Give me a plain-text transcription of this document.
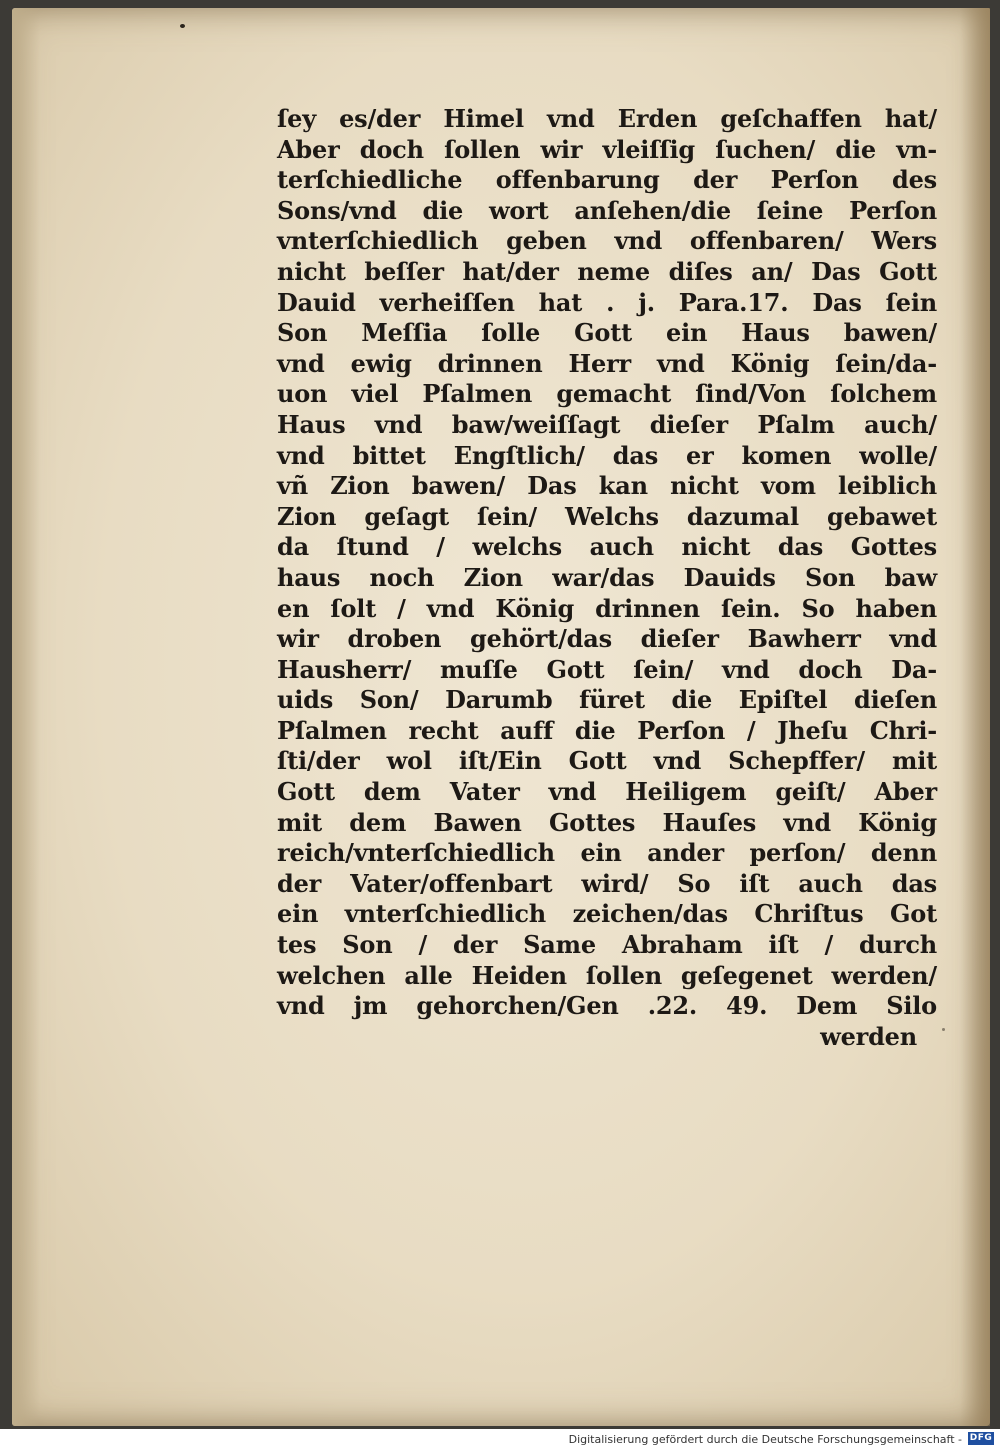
ſey es/der Himel vnd Erden geſchaffen hat/
Aber doch ſollen wir vleiſſig ſuchen/ die vn-
terſchiedliche offenbarung der Perſon des
Sons/vnd die wort anſehen/die ſeine Perſon
vnterſchiedlich geben vnd offenbaren/ Wers
nicht beſſer hat/der neme diſes an/ Das Gott
Dauid verheiſſen hat . j. Para.17. Das ſein
Son Meſſia ſolle Gott ein Haus bawen/
vnd ewig drinnen Herr vnd König ſein/da-
uon viel Pſalmen gemacht ſind/Von ſolchem
Haus vnd baw/weiſſagt dieſer Pſalm auch/
vnd bittet Engſtlich/ das er komen wolle/
vñ Zion bawen/ Das kan nicht vom leiblich
Zion geſagt ſein/ Welchs dazumal gebawet
da ſtund / welchs auch nicht das Gottes
haus noch Zion war/das Dauids Son baw
en ſolt / vnd König drinnen ſein. So haben
wir droben gehört/das dieſer Bawherr vnd
Hausherr/ muſſe Gott ſein/ vnd doch Da-
uids Son/ Darumb füret die Epiſtel dieſen
Pſalmen recht auff die Perſon / Jheſu Chri-
ſti/der wol iſt/Ein Gott vnd Schepffer/ mit
Gott dem Vater vnd Heiligem geiſt/ Aber
mit dem Bawen Gottes Hauſes vnd König
reich/vnterſchiedlich ein ander perſon/ denn
der Vater/offenbart wird/ So iſt auch das
ein vnterſchiedlich zeichen/das Chriſtus Got
tes Son / der Same Abraham iſt / durch
welchen alle Heiden ſollen geſegenet werden/
vnd jm gehorchen/Gen .22. 49. Dem Silo
werden
Digitalisierung gefördert durch die Deutsche Forschungsgemeinschaft - DFG
